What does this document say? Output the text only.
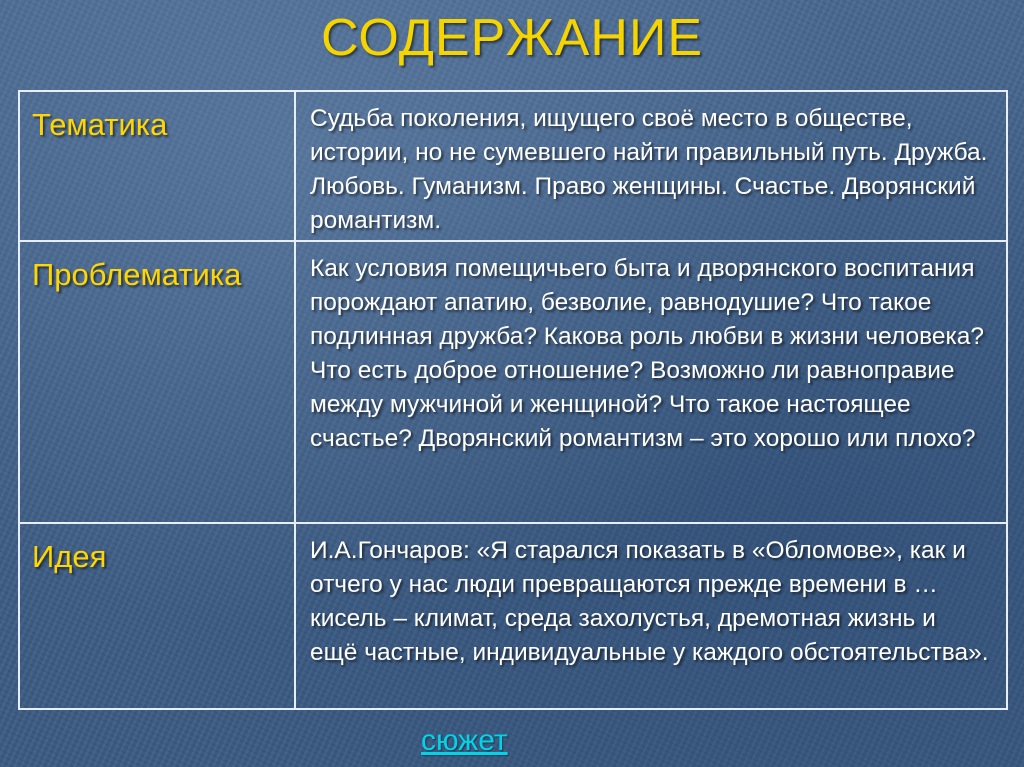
СОДЕРЖАНИЕ
Тематика	Судьба поколения, ищущего своё место в обществе, истории, но не сумевшего найти правильный путь. Дружба. Любовь. Гуманизм. Право женщины. Счастье. Дворянский романтизм.

Проблематика	Как условия помещичьего быта и дворянского воспитания порождают апатию, безволие, равнодушие? Что такое подлинная дружба? Какова роль любви в жизни человека? Что есть доброе отношение? Возможно ли равноправие между мужчиной и женщиной? Что такое настоящее счастье? Дворянский романтизм – это хорошо или плохо?

Идея	И.А.Гончаров: «Я старался показать в «Обломове», как и отчего у нас люди превращаются прежде времени в … кисель – климат, среда захолустья, дремотная жизнь и ещё частные, индивидуальные у каждого обстоятельства».
сюжет
